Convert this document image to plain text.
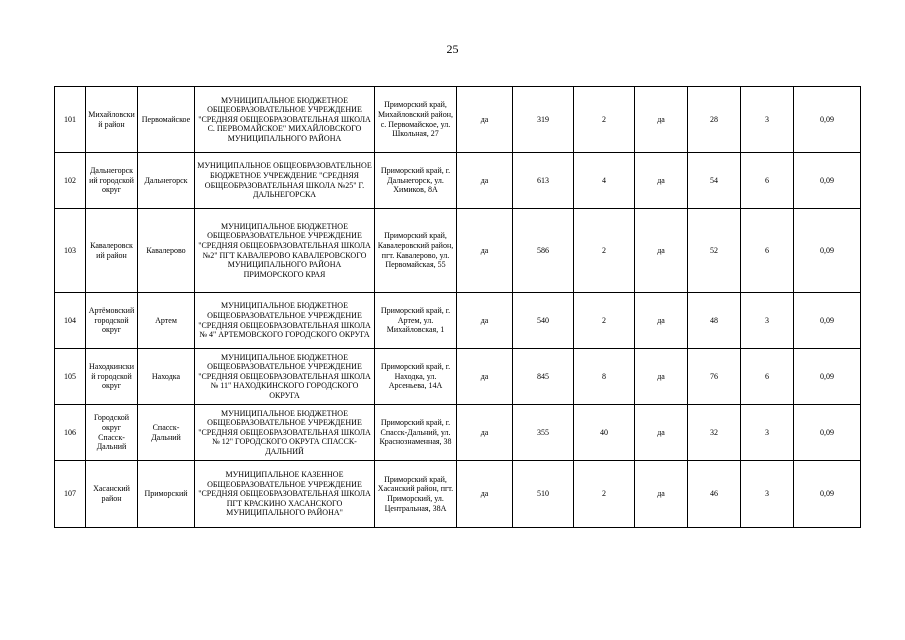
25
101	Михайловский район	Первомайское	МУНИЦИПАЛЬНОЕ БЮДЖЕТНОЕ ОБЩЕОБРАЗОВАТЕЛЬНОЕ УЧРЕЖДЕНИЕ "СРЕДНЯЯ ОБЩЕОБРАЗОВАТЕЛЬНАЯ ШКОЛА С. ПЕРВОМАЙСКОЕ" МИХАЙЛОВСКОГО МУНИЦИПАЛЬНОГО РАЙОНА	Приморский край, Михайловский район, с. Первомайское, ул. Школьная, 27	да	319	2	да	28	3	0,09
102	Дальнегорский городской округ	Дальнегорск	МУНИЦИПАЛЬНОЕ ОБЩЕОБРАЗОВАТЕЛЬНОЕ БЮДЖЕТНОЕ УЧРЕЖДЕНИЕ "СРЕДНЯЯ ОБЩЕОБРАЗОВАТЕЛЬНАЯ ШКОЛА №25" Г. ДАЛЬНЕГОРСКА	Приморский край, г. Дальнегорск, ул. Химиков, 8А	да	613	4	да	54	6	0,09
103	Кавалеровский район	Кавалерово	МУНИЦИПАЛЬНОЕ БЮДЖЕТНОЕ ОБЩЕОБРАЗОВАТЕЛЬНОЕ УЧРЕЖДЕНИЕ "СРЕДНЯЯ ОБЩЕОБРАЗОВАТЕЛЬНАЯ ШКОЛА №2" ПГТ КАВАЛЕРОВО КАВАЛЕРОВСКОГО МУНИЦИПАЛЬНОГО РАЙОНА ПРИМОРСКОГО КРАЯ	Приморский край, Кавалеровский район, пгт. Кавалерово, ул. Первомайская, 55	да	586	2	да	52	6	0,09
104	Артёмовский городской округ	Артем	МУНИЦИПАЛЬНОЕ БЮДЖЕТНОЕ ОБЩЕОБРАЗОВАТЕЛЬНОЕ УЧРЕЖДЕНИЕ "СРЕДНЯЯ ОБЩЕОБРАЗОВАТЕЛЬНАЯ ШКОЛА № 4" АРТЕМОВСКОГО ГОРОДСКОГО ОКРУГА	Приморский край, г. Артем, ул. Михайловская, 1	да	540	2	да	48	3	0,09
105	Находкинский городской округ	Находка	МУНИЦИПАЛЬНОЕ БЮДЖЕТНОЕ ОБЩЕОБРАЗОВАТЕЛЬНОЕ УЧРЕЖДЕНИЕ "СРЕДНЯЯ ОБЩЕОБРАЗОВАТЕЛЬНАЯ ШКОЛА № 11" НАХОДКИНСКОГО ГОРОДСКОГО ОКРУГА	Приморский край, г. Находка, ул. Арсеньева, 14А	да	845	8	да	76	6	0,09
106	Городской округ Спасск-Дальний	Спасск-Дальний	МУНИЦИПАЛЬНОЕ БЮДЖЕТНОЕ ОБЩЕОБРАЗОВАТЕЛЬНОЕ УЧРЕЖДЕНИЕ "СРЕДНЯЯ ОБЩЕОБРАЗОВАТЕЛЬНАЯ ШКОЛА № 12" ГОРОДСКОГО ОКРУГА СПАССК-ДАЛЬНИЙ	Приморский край, г. Спасск-Дальний, ул. Краснознаменная, 38	да	355	40	да	32	3	0,09
107	Хасанский район	Приморский	МУНИЦИПАЛЬНОЕ КАЗЕННОЕ ОБЩЕОБРАЗОВАТЕЛЬНОЕ УЧРЕЖДЕНИЕ "СРЕДНЯЯ ОБЩЕОБРАЗОВАТЕЛЬНАЯ ШКОЛА ПГТ КРАСКИНО ХАСАНСКОГО МУНИЦИПАЛЬНОГО РАЙОНА"	Приморский край, Хасанский район, пгт. Приморский, ул. Центральная, 38А	да	510	2	да	46	3	0,09
